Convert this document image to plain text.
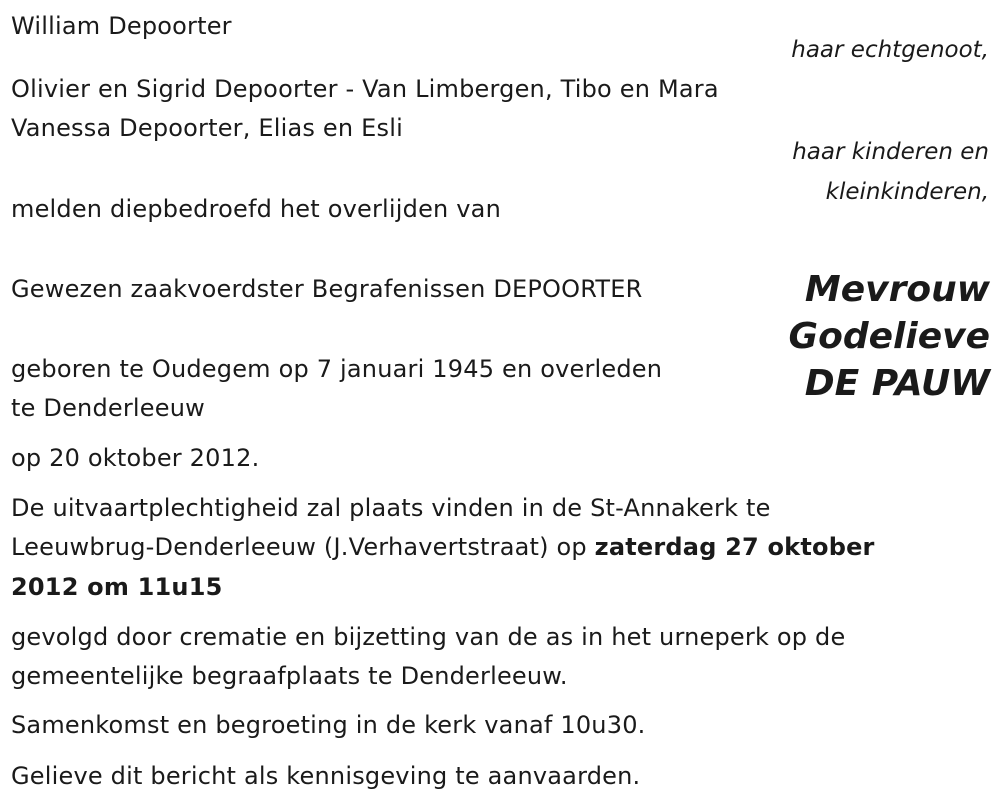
William Depoorter
haar echtgenoot,
Olivier en Sigrid Depoorter - Van Limbergen, Tibo en Mara
Vanessa Depoorter, Elias en Esli
haar kinderen en
kleinkinderen,
melden diepbedroefd het overlijden van
Gewezen zaakvoerdster Begrafenissen DEPOORTER	Mevrouw
Godelieve
DE PAUW
geboren te Oudegem op 7 januari 1945 en overleden
te Denderleeuw
op 20 oktober 2012.
De uitvaartplechtigheid zal plaats vinden in de St-Annakerk te
Leeuwbrug-Denderleeuw (J.Verhavertstraat) op zaterdag 27 oktober
2012 om 11u15
gevolgd door crematie en bijzetting van de as in het urneperk op de
gemeentelijke begraafplaats te Denderleeuw.
Samenkomst en begroeting in de kerk vanaf 10u30.
Gelieve dit bericht als kennisgeving te aanvaarden.
